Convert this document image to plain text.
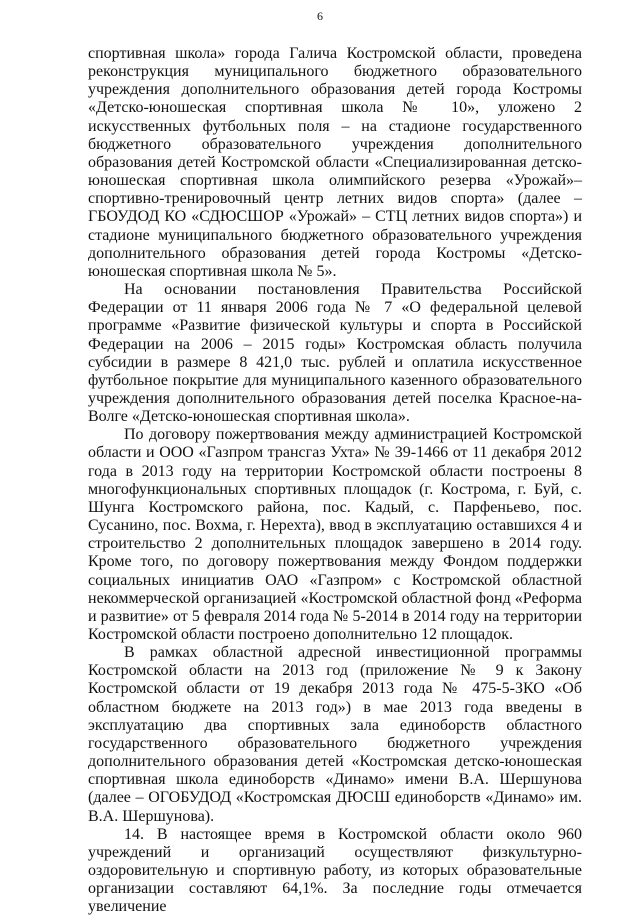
6

спортивная школа» города Галича Костромской области, проведена реконструкция муниципального бюджетного образовательного учреждения дополнительного образования детей города Костромы «Детско-юношеская спортивная школа № 10», уложено 2 искусственных футбольных поля – на стадионе государственного бюджетного образовательного учреждения дополнительного образования детей Костромской области «Специализированная детско-юношеская спортивная школа олимпийского резерва «Урожай»– спортивно-тренировочный центр летних видов спорта» (далее – ГБОУДОД КО «СДЮСШОР «Урожай» – СТЦ летних видов спорта») и стадионе муниципального бюджетного образовательного учреждения дополнительного образования детей города Костромы «Детско-юношеская спортивная школа № 5».

На основании постановления Правительства Российской Федерации от 11 января 2006 года № 7 «О федеральной целевой программе «Развитие физической культуры и спорта в Российской Федерации на 2006 – 2015 годы» Костромская область получила субсидии в размере 8 421,0 тыс. рублей и оплатила искусственное футбольное покрытие для муниципального казенного образовательного учреждения дополнительного образования детей поселка Красное-на-Волге «Детско-юношеская спортивная школа».

По договору пожертвования между администрацией Костромской области и ООО «Газпром трансгаз Ухта» № 39-1466 от 11 декабря 2012 года в 2013 году на территории Костромской области построены 8 многофункциональных спортивных площадок (г. Кострома, г. Буй, с. Шунга Костромского района, пос. Кадый, с. Парфеньево, пос. Сусанино, пос. Вохма, г. Нерехта), ввод в эксплуатацию оставшихся 4 и строительство 2 дополнительных площадок завершено в 2014 году. Кроме того, по договору пожертвования между Фондом поддержки социальных инициатив ОАО «Газпром» с Костромской областной некоммерческой организацией «Костромской областной фонд «Реформа и развитие» от 5 февраля 2014 года № 5-2014 в 2014 году на территории Костромской области построено дополнительно 12 площадок.

В рамках областной адресной инвестиционной программы Костромской области на 2013 год (приложение № 9 к Закону Костромской области от 19 декабря 2013 года № 475-5-ЗКО «Об областном бюджете на 2013 год») в мае 2013 года введены в эксплуатацию два спортивных зала единоборств областного государственного образовательного бюджетного учреждения дополнительного образования детей «Костромская детско-юношеская спортивная школа единоборств «Динамо» имени В.А. Шершунова (далее – ОГОБУДОД «Костромская ДЮСШ единоборств «Динамо» им. В.А. Шершунова).

14. В настоящее время в Костромской области около 960 учреждений и организаций осуществляют физкультурно-оздоровительную и спортивную работу, из которых образовательные организации составляют 64,1%. За последние годы отмечается увеличение
